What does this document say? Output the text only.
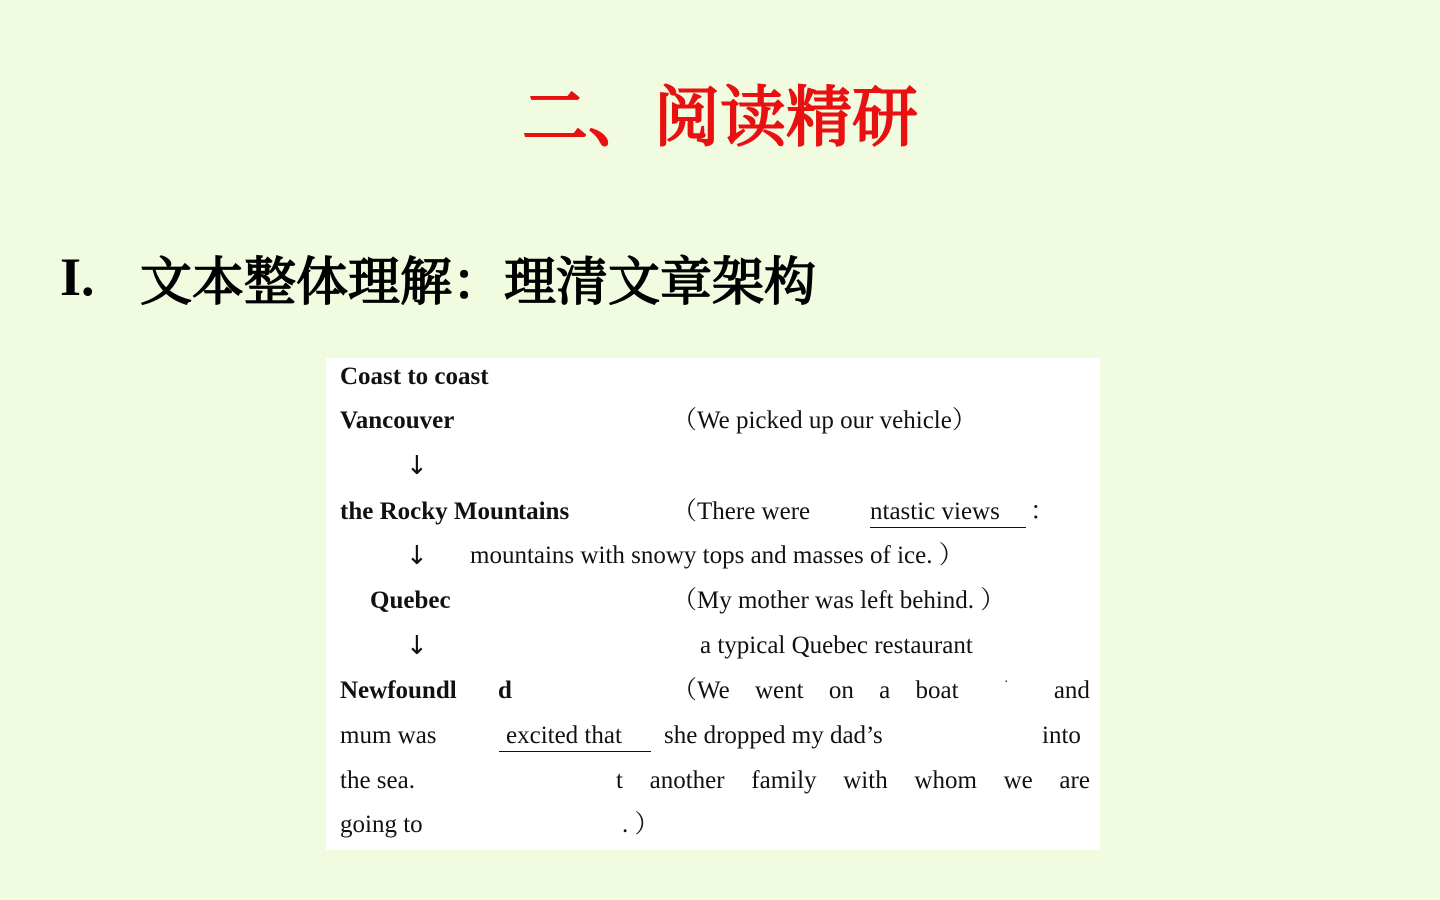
二、阅读精研
I. 文本整体理解：理清文章架构
Coast to coast
Vancouver	（We picked up our vehicle）
↓
the Rocky Mountains	（There were ntastic views ：
↓ mountains with snowy tops and masses of ice. ）
Quebec	（My mother was left behind. ）
↓	a typical Quebec restaurant
Newfoundl d	（We went on a boat	·	and
mum was	excited that she dropped my dad’s	into
the sea.	t another family with whom we are
going to	. ）
